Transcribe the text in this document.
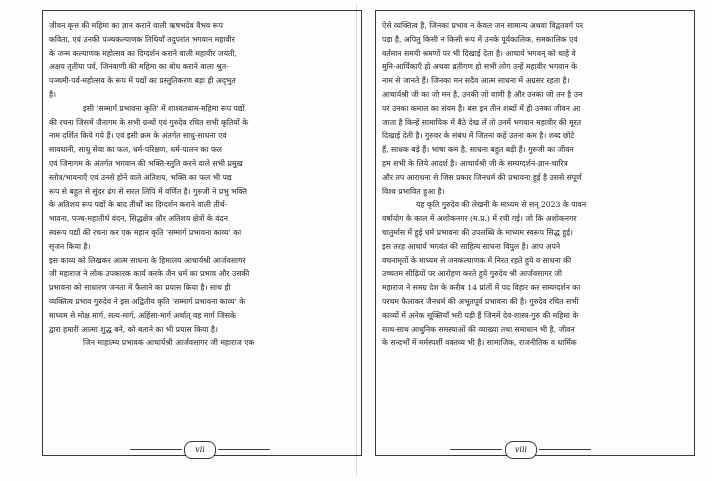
जीवन कृत्त की महिमा का ज्ञान कराने वाली ऋषभदेव वैभव रूप
कविता, एवं उनकी पञ्चकल्याणक तिथियाँ तदुपरांत भगवान महावीर
के जन्म कल्याणक महोत्सव का दिग्दर्शन कराने वाली महावीर जयंती,
अक्षय तृतीया पर्व, जिनवाणी की महिमा का बोध कराने वाला श्रुत-
पञ्चमी-पर्व-महोत्सव के रूप में पद्यों का प्रस्तुतिकरण बड़ा ही अद्‌भुत
है।
इसी 'सम्मार्ग प्रभावना कृति' में शाश्वतधाम-महिमा रूप पद्यों
की रचना जिसमें जैनागम के सभी ग्रन्थों एवं गुरुदेव रचित सभी कृतियों के
नाम दर्शित किये गये हैं। एवं इसी क्रम के अंतर्गत साधु-साधना एवं
सावधानी, साधु सेवा का फल, धर्म-परिक्षण, धर्म-पालन का फल
एवं जिनागम के अंतर्गत भगवान की भक्ति-स्तुति करने वाले सभी प्रमुख
स्तोत्र/भावनाएँ एवं उनसे होने वाले अतिशय, भक्ति का फल भी पद्य
रूप से बहुत से सुंदर ढंग से सरल लिपि में वर्णित है। गुरुजी ने प्रभु भक्ति
के अतिशय रूप पद्यों के बाद तीर्थों का दिग्दर्शन कराने वाली तीर्थ-
भावना, पञ्च-महातीर्थ वंदन, सिद्धक्षेत्र और अतिशय क्षेत्रों के वंदन
स्वरूप पद्यों की रचना कर एक महान कृति 'सम्मार्ग प्रभावना काव्य' का
सृजन किया है।
इस काव्य को लिखकर आत्म साधना के हिमालय आचार्यश्री आर्जवसागर
जी महाराज ने लोक उपकारक कार्य करके जैन धर्म का प्रभाव और उसकी
प्रभावना को साधारण जनता में फैलाने का प्रयास किया है। साथ ही
व्यक्तित्व प्रभाव गुरुदेव ने इस अद्वितीय कृति 'सम्मार्ग प्रभावना काव्य' के
माध्यम से मोक्ष मार्ग, सत्य-मार्ग, अहिंसा-मार्ग अर्थात् वह मार्ग जिसके
द्वारा हमारी आत्मा शुद्ध बने, को बताने का भी प्रयास किया है।
जिन माहात्म्य प्रभावक आचार्यश्री आर्जवसागर जी महाराज एक
ऐसे व्यक्तित्व है, जिनका प्रभाव न केवल जन सामान्य अथवा विद्वतवर्ग पर
पड़ा है, अपितु किसी न किसी रूप में उनके पूर्वकालिक, समकालिक एवं
वर्तमान समयी श्रमणों पर भी दिखाई देता है। आचार्य भगवन् को चाहे वे
मुनि-आर्यिकाएँ हो अथवा व्रतीगण हो सभी लोग उन्हें महावीर भगवान के
नाम से जानते हैं। जिनका मन सदैव आत्म साधना में अग्रसर रहता है।
आचार्यश्री जी का जो मन है, उनकी जो वाणी है और उनका जो तन है उन
पर उनका कमाल का संयम है। बस इन तीन शब्दों में ही उनका जीवन आ
जाता है किन्हें सामायिक में बैठे देख लें तो उनमें भगवान महावीर की मूरत
दिखाई देती है। गुरुवर के संबंध में जितना कहें उतना कम है। शब्द छोटे
हैं, साधक बड़े हैं। भाषा कम है, साधना बहुत बड़ी है। गुरुजी का जीवन
हम सभी के लिये आदर्श है। आचार्यश्री जी के सम्यग्दर्शन-ज्ञान-चारित्र
और तप आराधना से जिस प्रकार जिनधर्म की प्रभावना हुई है उससे संपूर्ण
विश्व प्रभावित हुआ है।
यह कृति गुरुदेव की लेखनी के माध्यम से सन् 2023 के पावन
वर्षायोग के काल में अशोकनगर (म.प्र.) में रची गई। जो कि अशोकनगर
चातुर्मास में हुई धर्म प्रभावना की उपलब्धि के माध्यम स्वरूप सिद्ध हुई।
इस तरह आचार्य भगवंत की साहित्य साधना विपुल है। आप अपने
वचनामृतों के माध्यम से जनकल्याणक में निरत रहते हुये व साधना की
उच्चतम सीढ़ियों पर आरोहण करते हुये गुरुदेव श्री आर्जवसागर जी
महाराज ने समग्र देश के करीब 14 प्रांतों में पद विहार कर सम्यग्दर्शन का
परचम फैलाकर जैनधर्म की अभूतपूर्व प्रभावना की है। गुरुदेव रचित सभी
काव्यों में अनेक सूक्तियाँ भरी पड़ी हैं जिनमें देव-शास्त्र-गुरु की महिमा के
साथ-साथ आधुनिक समस्याओं की व्याख्या तथा समाधान भी है, जीवन
के सन्दर्भों में मर्मस्पर्शी वक्तव्य भी है। सामाजिक, राजनीतिक व धार्मिक
vii	viii
